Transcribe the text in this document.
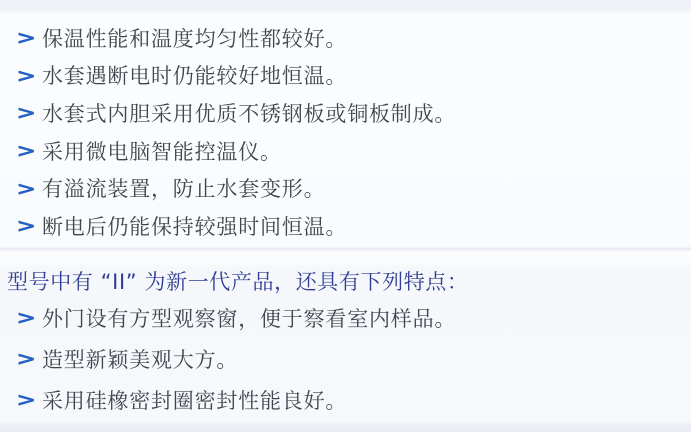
> 保温性能和温度均匀性都较好。
> 水套遇断电时仍能较好地恒温。
> 水套式内胆采用优质不锈钢板或铜板制成。
> 采用微电脑智能控温仪。
> 有溢流装置，防止水套变形。
> 断电后仍能保持较强时间恒温。
型号中有 “II” 为新一代产品，还具有下列特点：
> 外门设有方型观察窗，便于察看室内样品。
> 造型新颖美观大方。
> 采用硅橡密封圈密封性能良好。
